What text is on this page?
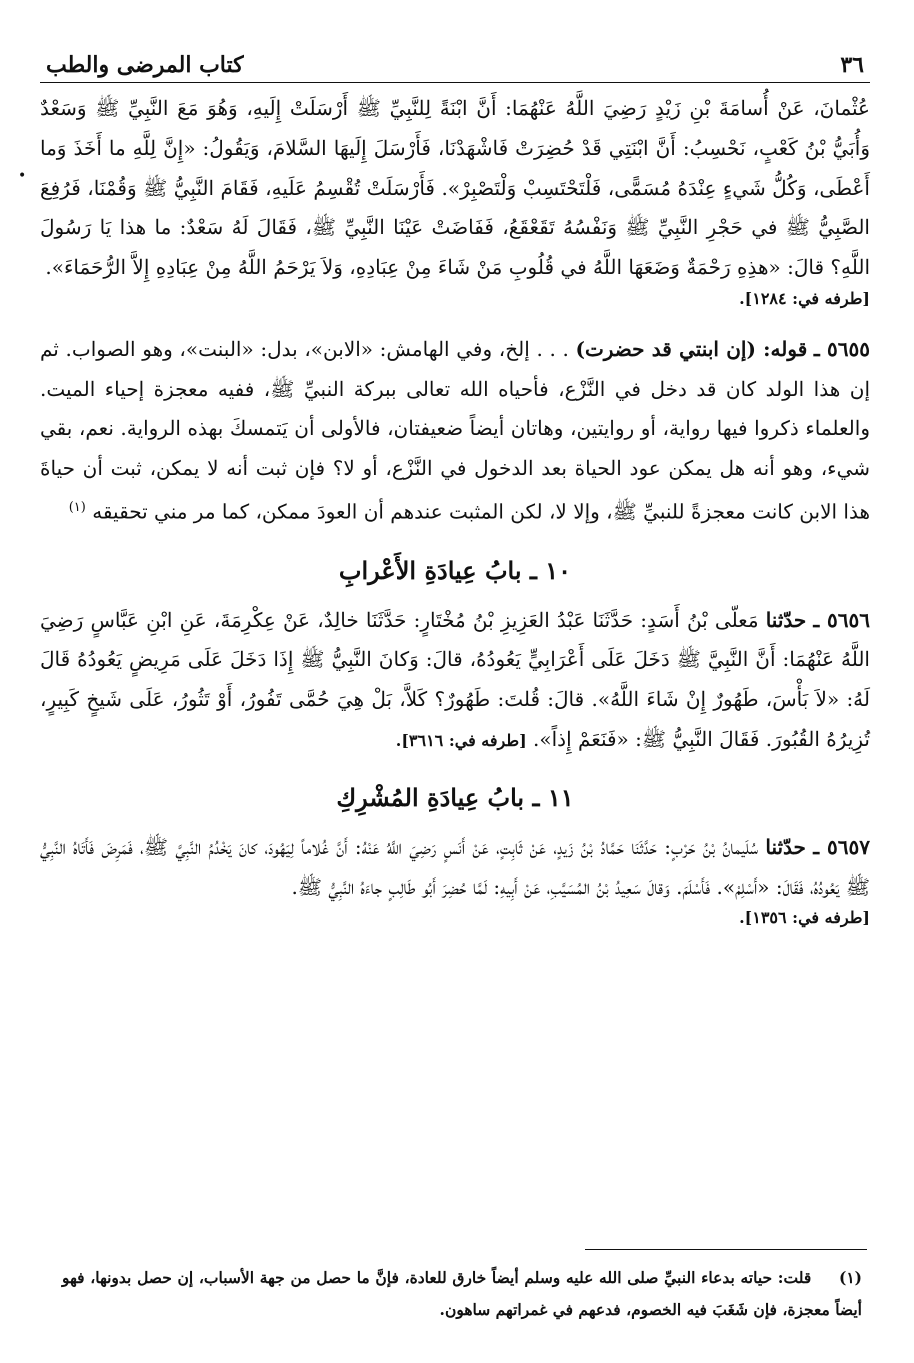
٣٦
كتاب المرضى والطب
عُثْمانَ، عَنْ أُسامَةَ بْنِ زَيْدٍ رَضِيَ اللَّهُ عَنْهُمَا: أَنَّ ابْنَةً لِلنَّبِيِّ ﷺ أَرْسَلَتْ إِلَيهِ، وَهُوَ مَعَ النَّبِيِّ ﷺ وَسَعْدٌ وَأُبَيُّ بْنُ كَعْبٍ، نَحْسِبُ: أَنَّ ابْنَتِي قَدْ حُضِرَتْ فَاشْهَدْنَا، فَأَرْسَلَ إِلَيهَا السَّلامَ، وَيَقُولُ: «إِنَّ لِلَّهِ ما أَخَذَ وَما أَعْطَى، وَكُلُّ شَيءٍ عِنْدَهُ مُسَمًّى، فَلْتَحْتَسِبْ وَلْتَصْبِرْ». فَأَرْسَلَتْ تُقْسِمُ عَلَيهِ، فَقَامَ النَّبِيُّ ﷺ وَقُمْنَا، فَرُفِعَ الصَّبِيُّ ﷺ في حَجْرِ النَّبِيِّ ﷺ وَنَفْسُهُ تَقَعْقَعُ، فَفَاضَتْ عَيْنَا النَّبِيِّ ﷺ، فَقَالَ لَهُ سَعْدٌ: ما هذا يَا رَسُولَ اللَّهِ؟ قالَ: «هذِهِ رَحْمَةٌ وَضَعَهَا اللَّهُ في قُلُوبِ مَنْ شَاءَ مِنْ عِبَادِهِ، وَلاَ يَرْحَمُ اللَّهُ مِنْ عِبَادِهِ إِلاَّ الرُّحَمَاءَ».
[طرفه في: ١٢٨٤].
٥٦٥٥ ـ قوله: (إن ابنتي قد حضرت) . . . إلخ، وفي الهامش: «الابن»، بدل: «البنت»، وهو الصواب. ثم إن هذا الولد كان قد دخل في النَّزْع، فأحياه الله تعالى ببركة النبيِّ ﷺ، ففيه معجزة إحياء الميت. والعلماء ذكروا فيها رواية، أو روايتين، وهاتان أيضاً ضعيفتان، فالأولى أن يَتمسكَ بهذه الرواية. نعم، بقي شيء، وهو أنه هل يمكن عود الحياة بعد الدخول في النَّزْع، أو لا؟ فإن ثبت أنه لا يمكن، ثبت أن حياةَ هذا الابن كانت معجزةً للنبيِّ ﷺ، وإلا لا، لكن المثبت عندهم أن العودَ ممكن، كما مر مني تحقيقه $^{(١)}$
١٠ ـ بابُ عِيادَةِ الأَعْرابِ
٥٦٥٦ ـ حدّثنا مَعلّى بْنُ أَسَدٍ: حَدَّثَنَا عَبْدُ العَزِيزِ بْنُ مُخْتَارٍ: حَدَّثَنَا خالِدٌ، عَنْ عِكْرِمَةَ، عَنِ ابْنِ عَبَّاسٍ رَضِيَ اللَّهُ عَنْهُمَا: أَنَّ النَّبِيَّ ﷺ دَخَلَ عَلَى أَعْرَابِيٍّ يَعُودُهُ، قالَ: وَكانَ النَّبِيُّ ﷺ إِذَا دَخَلَ عَلَى مَرِيضٍ يَعُودُهُ قَالَ لَهُ: «لاَ بَأْسَ، طَهُورٌ إِنْ شَاءَ اللَّهُ». قالَ: قُلتَ: طَهُورٌ؟ كَلاَّ، بَلْ هِيَ حُمَّى تَفُورُ، أَوْ تَثُورُ، عَلَى شَيخٍ كَبِيرٍ، تُزِيرُهُ القُبُورَ. فَقَالَ النَّبِيُّ ﷺ: «فَنَعَمْ إِذاً». [طرفه في: ٣٦١٦].
١١ ـ بابُ عِيادَةِ المُشْرِكِ
٥٦٥٧ ـ حدّثنا سُلَيمانُ بْنُ حَرْبٍ: حَدَّثَنَا حَمَّادُ بْنُ زَيدٍ، عَنْ ثَابِتٍ، عَنْ أَنَسٍ رَضِيَ اللَّهُ عَنْهُ: أَنَّ غُلاماً لِيَهُودَ، كانَ يَخْدُمُ النَّبِيَّ ﷺ، فَمَرِضَ فَأَتَاهُ النَّبِيُّ ﷺ يَعُودُهُ، فَقَالَ: «أَسْلِمْ». فَأَسْلَمَ. وَقالَ سَعِيدُ بْنُ المُسَيَّبِ، عَنْ أَبِيهِ: لَمَّا حُضِرَ أَبُو طَالِبٍ جاءَهُ النَّبِيُّ ﷺ.
[طرفه في: ١٣٥٦].
•
(١) قلت: حياته بدعاء النبيِّ صلى الله عليه وسلم أيضاً خارق للعادة، فإنَّ ما حصل من جهة الأسباب، إن حصل بدونها، فهو أيضاً معجزة، فإن شَغَبَ فيه الخصوم، فدعهم في غمراتهم ساهون.
